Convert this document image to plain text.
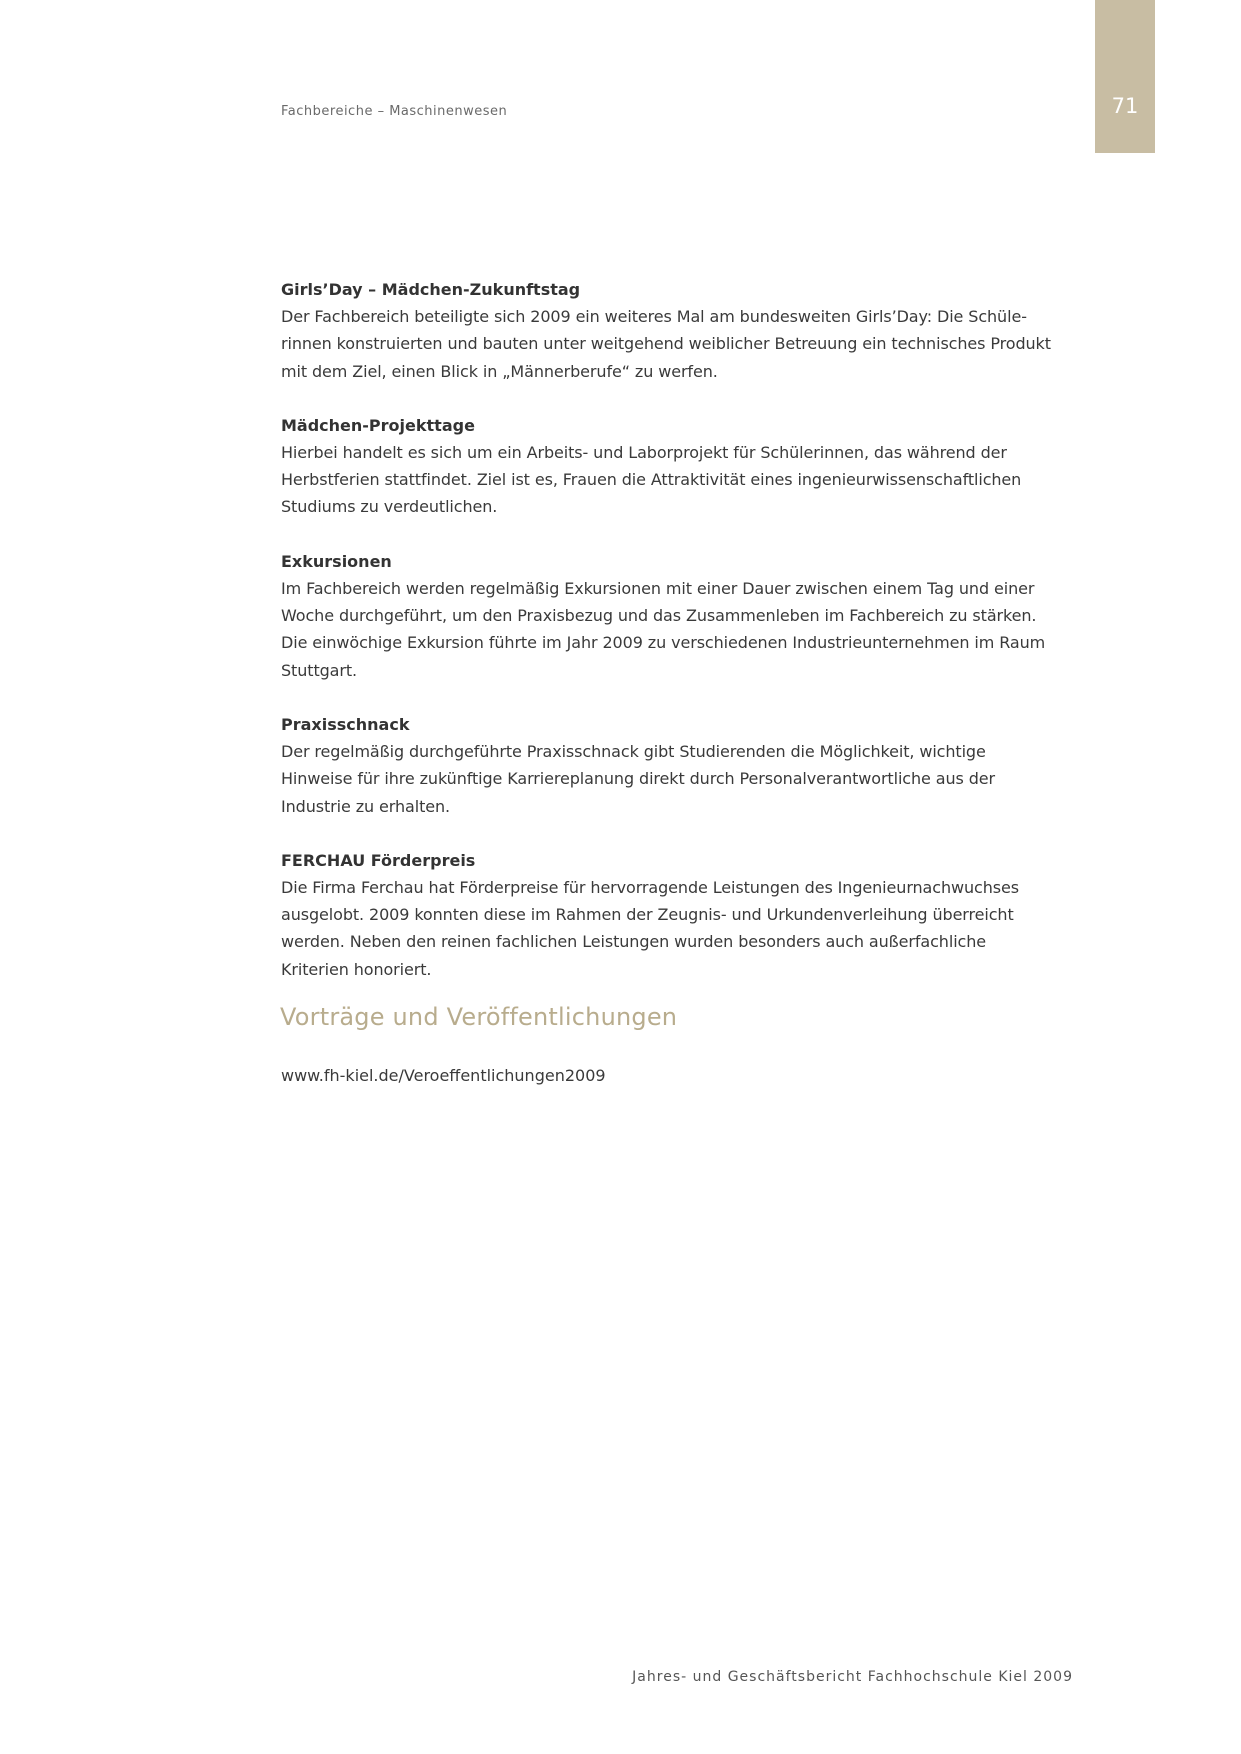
71
Fachbereiche – Maschinenwesen
Girls’Day – Mädchen-Zukunftstag

Der Fachbereich beteiligte sich 2009 ein weiteres Mal am bundesweiten Girls’Day: Die Schüle-
rinnen konstruierten und bauten unter weitgehend weiblicher Betreuung ein technisches Produkt
mit dem Ziel, einen Blick in „Männerberufe“ zu werfen.

Mädchen-Projekttage

Hierbei handelt es sich um ein Arbeits- und Laborprojekt für Schülerinnen, das während der
Herbstferien stattfindet. Ziel ist es, Frauen die Attraktivität eines ingenieurwissenschaftlichen
Studiums zu verdeutlichen.

Exkursionen

Im Fachbereich werden regelmäßig Exkursionen mit einer Dauer zwischen einem Tag und einer
Woche durchgeführt, um den Praxisbezug und das Zusammenleben im Fachbereich zu stärken.
Die einwöchige Exkursion führte im Jahr 2009 zu verschiedenen Industrieunternehmen im Raum
Stuttgart.

Praxisschnack

Der regelmäßig durchgeführte Praxisschnack gibt Studierenden die Möglichkeit, wichtige
Hinweise für ihre zukünftige Karriereplanung direkt durch Personalverantwortliche aus der
Industrie zu erhalten.

FERCHAU Förderpreis

Die Firma Ferchau hat Förderpreise für hervorragende Leistungen des Ingenieurnachwuchses
ausgelobt. 2009 konnten diese im Rahmen der Zeugnis- und Urkundenverleihung überreicht
werden. Neben den reinen fachlichen Leistungen wurden besonders auch außerfachliche
Kriterien honoriert.

Vorträge und Veröffentlichungen
www.fh-kiel.de/Veroeffentlichungen2009
Jahres- und Geschäftsbericht Fachhochschule Kiel 2009
